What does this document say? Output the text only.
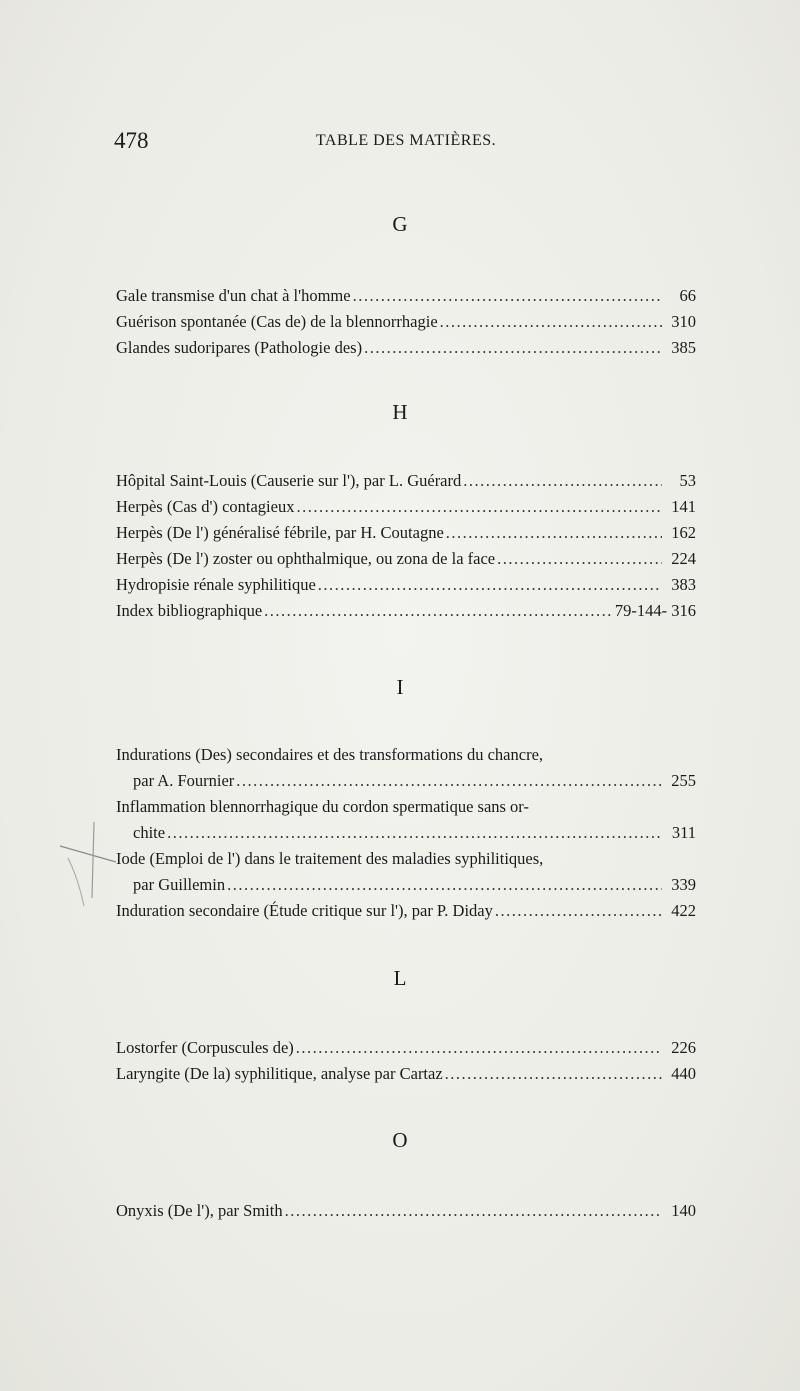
478	TABLE DES MATIÈRES.
G
Gale transmise d'un chat à l'homme .....	66
Guérison spontanée (Cas de) de la blennorrhagie .....	310
Glandes sudoripares (Pathologie des) .....	385
H
Hôpital Saint-Louis (Causerie sur l'), par L. Guérard .....	53
Herpès (Cas d') contagieux .....	141
Herpès (De l') généralisé fébrile, par H. Coutagne .....	162
Herpès (De l') zoster ou ophthalmique, ou zona de la face .....	224
Hydropisie rénale syphilitique .....	383
Index bibliographique .....	79-144- 316
I
Indurations (Des) secondaires et des transformations du chancre,
par A. Fournier .....	255
Inflammation blennorrhagique du cordon spermatique sans or-
chite .....	311
Iode (Emploi de l') dans le traitement des maladies syphilitiques,
par Guillemin .....	339
Induration secondaire (Étude critique sur l'), par P. Diday .....	422
L
Lostorfer (Corpuscules de) .....	226
Laryngite (De la) syphilitique, analyse par Cartaz .....	440
O
Onyxis (De l'), par Smith .....	140
